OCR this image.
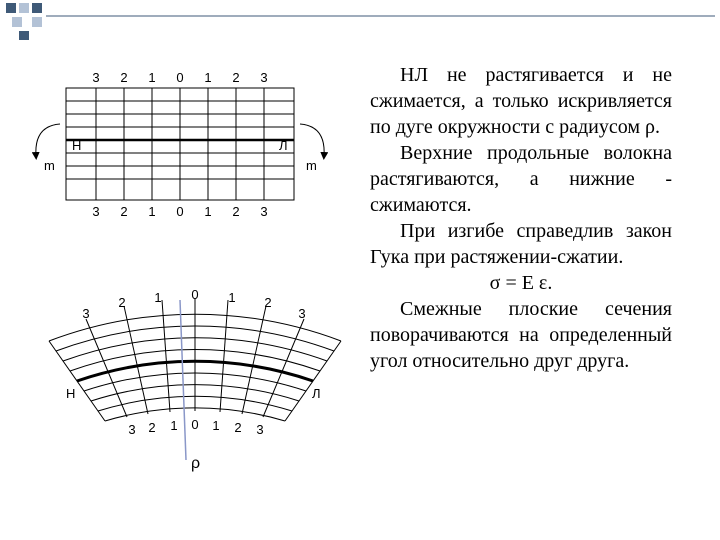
3 2 1 0 1 2 3
3 2 1 0 1 2 3
Н	Л
m	m
3
2 1 0 1 2
3
3 2 1 0 1 2 3
Н	Л
ρ

НЛ не растягивается и не сжимается, а только искривляется по дуге окружности с радиусом ρ.

Верхние продольные волокна растягиваются, а нижние - сжимаются.

При изгибе справедлив закон Гука при растяжении-сжатии.

σ = Е ε.

Смежные плоские сечения поворачиваются на определенный угол относительно друг друга.
